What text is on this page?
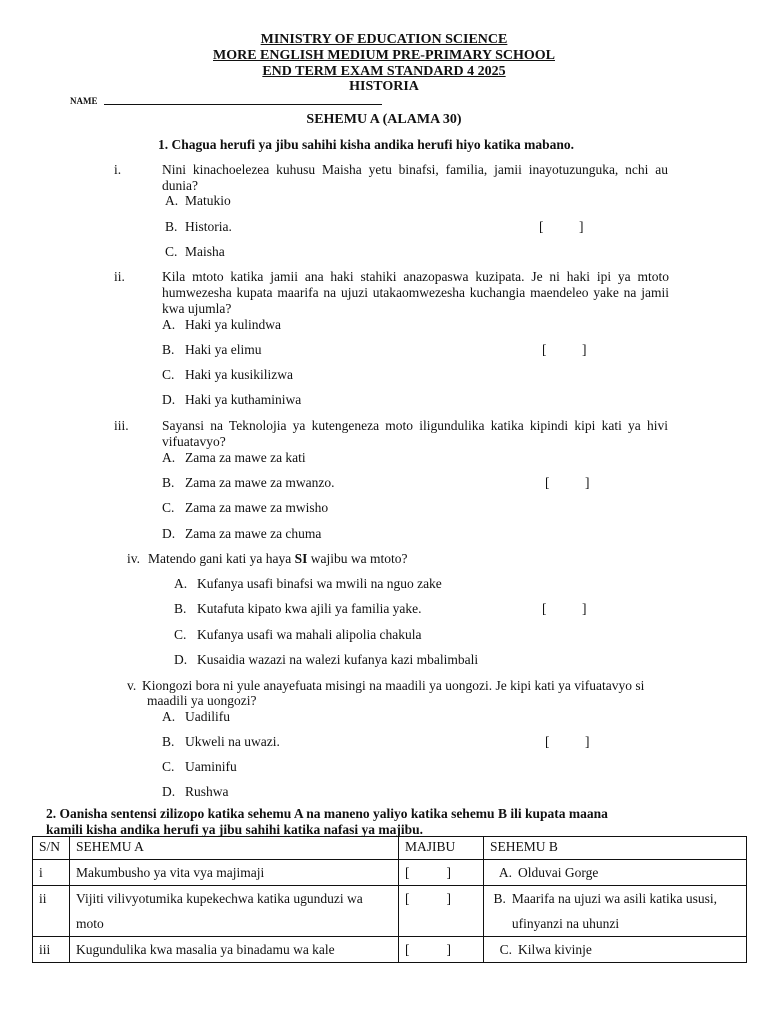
MINISTRY OF EDUCATION SCIENCE
MORE ENGLISH MEDIUM PRE-PRIMARY SCHOOL
END TERM EXAM STANDARD 4 2025
HISTORIA
NAME
SEHEMU A (ALAMA 30)
1. Chagua herufi ya jibu sahihi kisha andika herufi hiyo katika mabano.
i.	Nini kinachoelezea kuhusu Maisha yetu binafsi, familia, jamii inayotuzunguka, nchi au dunia?
A. Matukio
B. Historia.	[	]
C. Maisha
ii.	Kila mtoto katika jamii ana haki stahiki anazopaswa kuzipata. Je ni haki ipi ya mtoto humwezesha kupata maarifa na ujuzi utakaomwezesha kuchangia maendeleo yake na jamii kwa ujumla?
A. Haki ya kulindwa
B. Haki ya elimu	[	]
C. Haki ya kusikilizwa
D. Haki ya kuthaminiwa
iii. Sayansi na Teknolojia ya kutengeneza moto iligundulika katika kipindi kipi kati ya hivi vifuatavyo?
A. Zama za mawe za kati
B. Zama za mawe za mwanzo.	[	]
C. Zama za mawe za mwisho
D. Zama za mawe za chuma
iv. Matendo gani kati ya haya SI wajibu wa mtoto?
A. Kufanya usafi binafsi wa mwili na nguo zake
B. Kutafuta kipato kwa ajili ya familia yake.	[	]
C. Kufanya usafi wa mahali alipolia chakula
D. Kusaidia wazazi na walezi kufanya kazi mbalimbali
v. Kiongozi bora ni yule anayefuata misingi na maadili ya uongozi. Je kipi kati ya vifuatavyo si
maadili ya uongozi?
A. Uadilifu
B. Ukweli na uwazi.	[	]
C. Uaminifu
D. Rushwa
2. Oanisha sentensi zilizopo katika sehemu A na maneno yaliyo katika sehemu B ili kupata maana
kamili kisha andika herufi ya jibu sahihi katika nafasi ya majibu.
S/N	SEHEMU A	MAJIBU	SEHEMU B
i	Makumbusho ya vita vya majimaji	[ ]	A. Olduvai Gorge

ii	Vijiti vilivyotumika kupekechwa katika ugunduzi wa moto	[ ]	B. Maarifa na ujuzi wa asili katika ususi, ufinyanzi na uhunzi

iii	Kugundulika kwa masalia ya binadamu wa kale	[ ]	C. Kilwa kivinje
